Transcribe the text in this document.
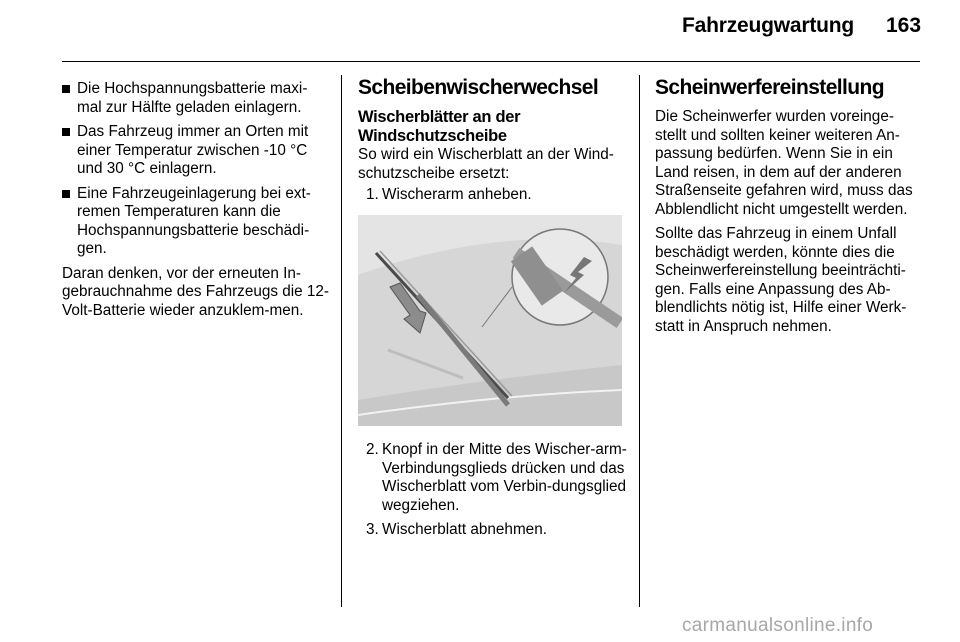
Fahrzeugwartung 163

Die Hochspannungsbatterie maxi-mal zur Hälfte geladen einlagern.

Das Fahrzeug immer an Orten mit einer Temperatur zwischen -10 °C und 30 °C einlagern.

Eine Fahrzeugeinlagerung bei ext-remen Temperaturen kann die Hochspannungsbatterie beschädi-gen.

Daran denken, vor der erneuten In-gebrauchnahme des Fahrzeugs die 12-Volt-Batterie wieder anzuklem-men.

Scheibenwischerwechsel
Wischerblätter an der Windschutzscheibe

So wird ein Wischerblatt an der Wind-schutzscheibe ersetzt:

1. Wischerarm anheben.

2. Knopf in der Mitte des Wischer-arm-Verbindungsglieds drücken und das Wischerblatt vom Verbin-dungsglied wegziehen.

3. Wischerblatt abnehmen.

Scheinwerfereinstellung

Die Scheinwerfer wurden voreinge-stellt und sollten keiner weiteren An-passung bedürfen. Wenn Sie in ein Land reisen, in dem auf der anderen Straßenseite gefahren wird, muss das Abblendlicht nicht umgestellt werden.

Sollte das Fahrzeug in einem Unfall beschädigt werden, könnte dies die Scheinwerfereinstellung beeinträchti-gen. Falls eine Anpassung des Ab-blendlichts nötig ist, Hilfe einer Werk-statt in Anspruch nehmen.

carmanualsonline.info
